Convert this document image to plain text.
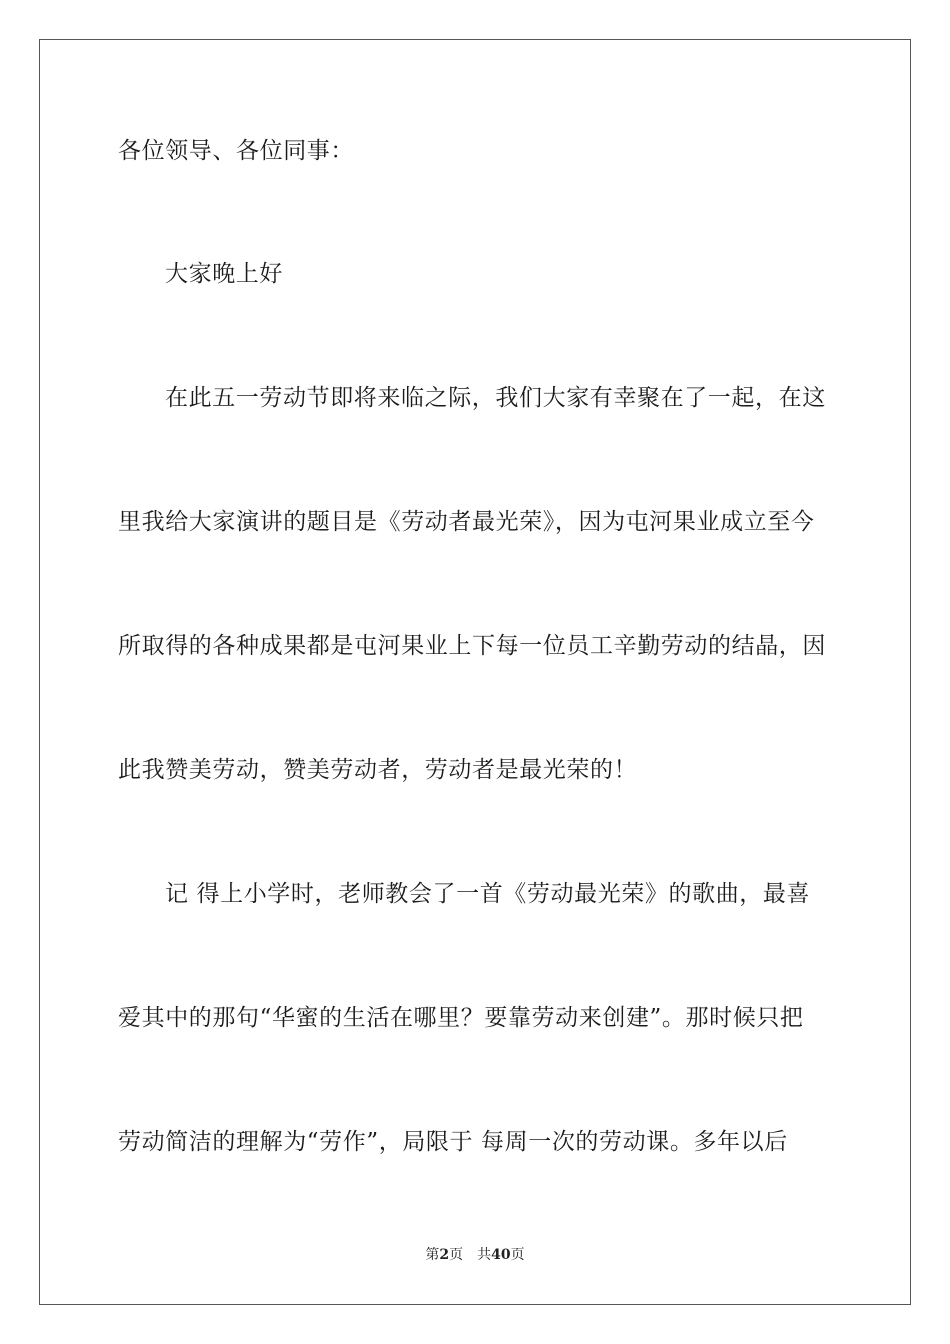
各位领导、各位同事：
大家晚上好
在此五一劳动节即将来临之际，我们大家有幸聚在了一起，在这
里我给大家演讲的题目是《劳动者最光荣》，因为屯河果业成立至今
所取得的各种成果都是屯河果业上下每一位员工辛勤劳动的结晶，因
此我赞美劳动，赞美劳动者，劳动者是最光荣的！
记 得上小学时，老师教会了一首《劳动最光荣》的歌曲，最喜
爱其中的那句“华蜜的生活在哪里？要靠劳动来创建”。那时候只把
劳动简洁的理解为“劳作”，局限于 每周一次的劳动课。多年以后
第2页 共40页
